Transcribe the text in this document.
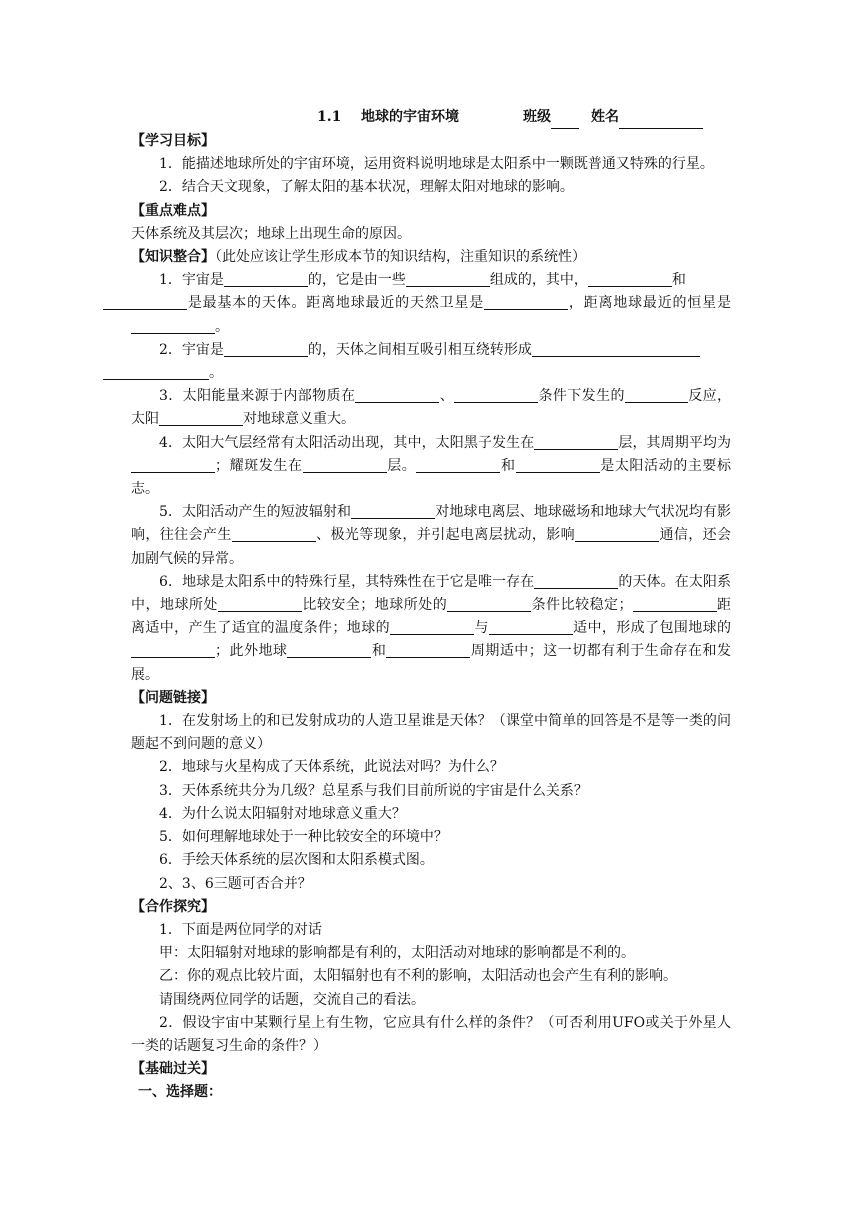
1.1 地球的宇宙环境	班级	姓名
【学习目标】
1．能描述地球所处的宇宙环境，运用资料说明地球是太阳系中一颗既普通又特殊的行星。
2．结合天文现象，了解太阳的基本状况，理解太阳对地球的影响。
【重点难点】
天体系统及其层次；地球上出现生命的原因。
【知识整合】（此处应该让学生形成本节的知识结构，注重知识的系统性）
1．宇宙是	的，它是由一些	组成的，其中，	和
是最基本的天体。距离地球最近的天然卫星是	，距离地球最近的恒星是。
2．宇宙是	的，天体之间相互吸引相互绕转形成
。
3．太阳能量来源于内部物质在	、	条件下发生的	反应，太阳	对地球意义重大。
4．太阳大气层经常有太阳活动出现，其中，太阳黑子发生在	层，其周期平均为；耀斑发生在	层。	和	是太阳活动的主要标志。
5．太阳活动产生的短波辐射和	对地球电离层、地球磁场和地球大气状况均有影响，往往会产生	、极光等现象，并引起电离层扰动，影响	通信，还会加剧气候的异常。
6．地球是太阳系中的特殊行星，其特殊性在于它是唯一存在	的天体。在太阳系中，地球所处	比较安全；地球所处的	条件比较稳定；	距离适中，产生了适宜的温度条件；地球的	与	适中，形成了包围地球的；此外地球	和	周期适中；这一切都有利于生命存在和发展。
【问题链接】
1．在发射场上的和已发射成功的人造卫星谁是天体？（课堂中简单的回答是不是等一类的问题起不到问题的意义）
2．地球与火星构成了天体系统，此说法对吗？为什么？
3．天体系统共分为几级？总星系与我们目前所说的宇宙是什么关系？
4．为什么说太阳辐射对地球意义重大？
5．如何理解地球处于一种比较安全的环境中？
6．手绘天体系统的层次图和太阳系模式图。
2、3、6三题可否合并？
【合作探究】
1．下面是两位同学的对话
甲：太阳辐射对地球的影响都是有利的，太阳活动对地球的影响都是不利的。
乙：你的观点比较片面，太阳辐射也有不利的影响，太阳活动也会产生有利的影响。
请围绕两位同学的话题，交流自己的看法。
2．假设宇宙中某颗行星上有生物，它应具有什么样的条件？（可否利用UFO或关于外星人一类的话题复习生命的条件？）
【基础过关】
一、选择题：
